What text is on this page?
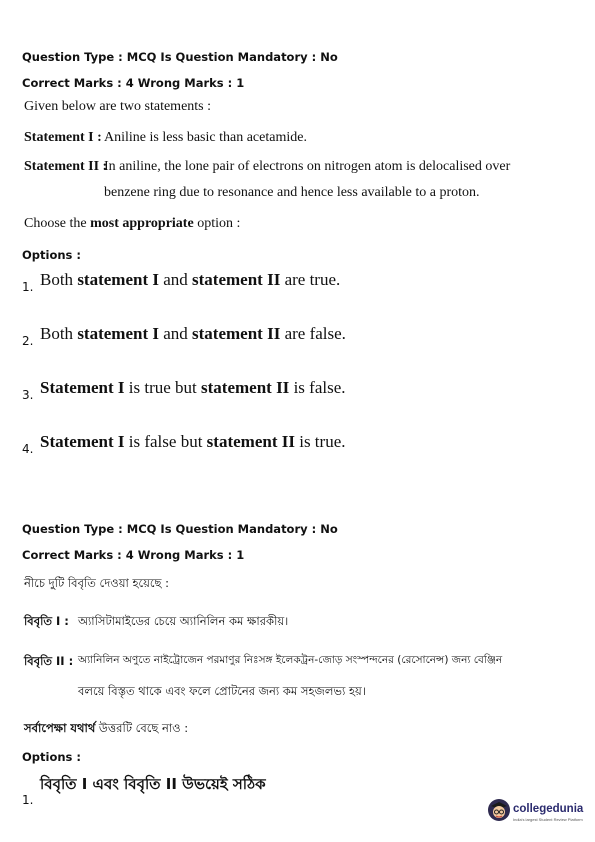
Question Type : MCQ Is Question Mandatory : No
Correct Marks : 4 Wrong Marks : 1
Given below are two statements :
Statement I : Aniline is less basic than acetamide.
Statement II :
In aniline, the lone pair of electrons on nitrogen atom is delocalised over
benzene ring due to resonance and hence less available to a proton.
Choose the most appropriate option :
Options :
1. Both statement I and statement II are true.
2. Both statement I and statement II are false.
3. Statement I is true but statement II is false.
4. Statement I is false but statement II is true.
Question Type : MCQ Is Question Mandatory : No
Correct Marks : 4 Wrong Marks : 1
নীচে দুটি বিবৃতি দেওয়া হয়েছে :
বিবৃতি I : অ্যাসিটামাইডের চেয়ে অ্যানিলিন কম ক্ষারকীয়।
বিবৃতি II : অ্যানিলিন অণুতে নাইট্রোজেন পরমাণুর নিঃসঙ্গ ইলেকট্রন-জোড় সংস্পন্দনের (রেসোনেন্স) জন্য বেঞ্জিন
বলয়ে বিস্তৃত থাকে এবং ফলে প্রোটনের জন্য কম সহজলভ্য হয়।
সর্বাপেক্ষা যথার্থ উত্তরটি বেছে নাও :
Options :
1.
বিবৃতি I এবং বিবৃতি II উভয়েই সঠিক
collegedunia
India's largest Student Review Platform
